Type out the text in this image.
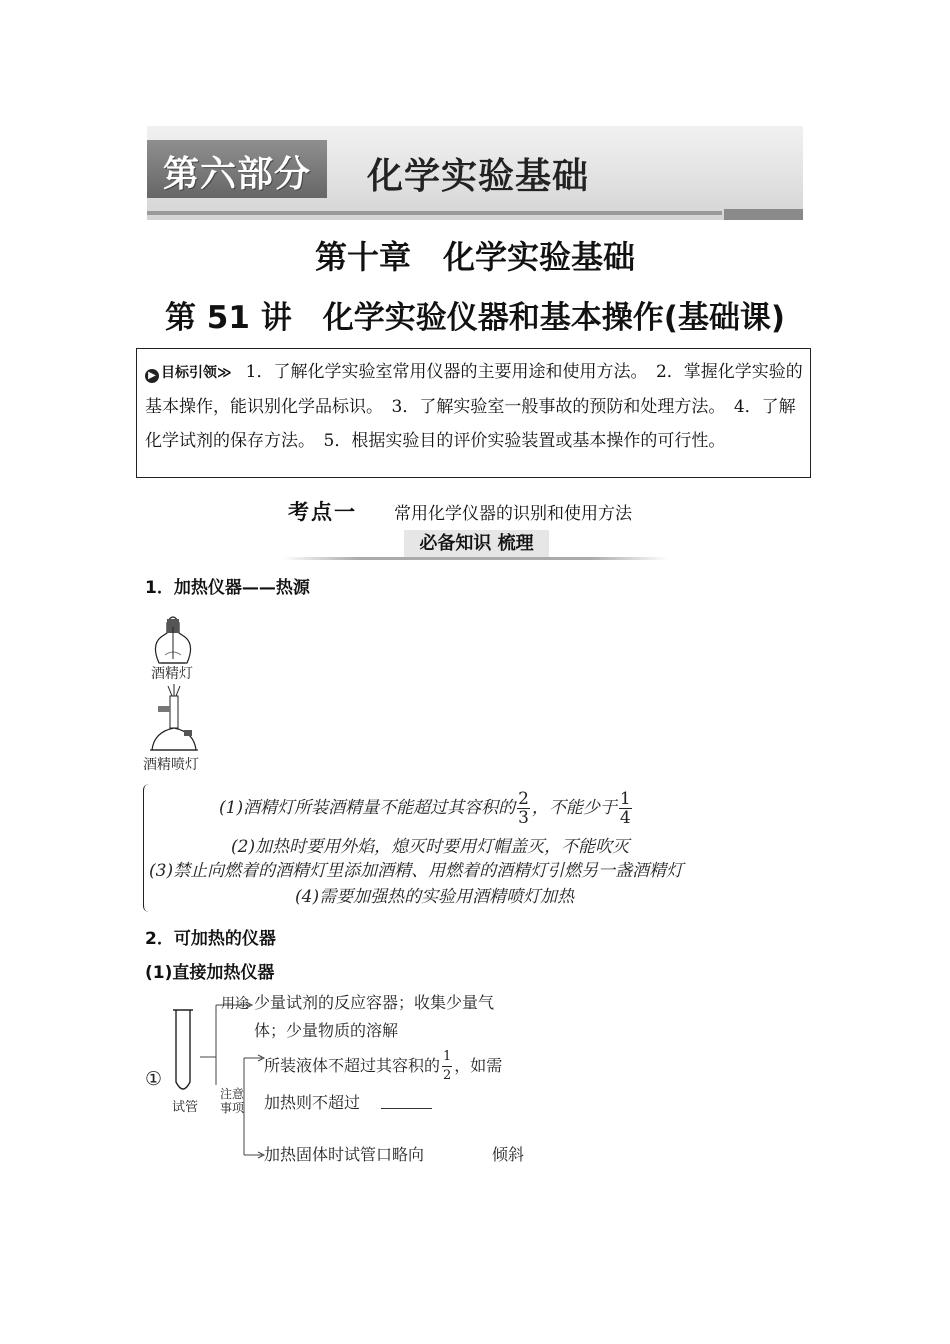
第六部分	化学实验基础
第十章　化学实验基础
第 51 讲　化学实验仪器和基本操作(基础课)
▶ 目标引领≫ 1．了解化学实验室常用仪器的主要用途和使用方法。　2．掌握化学实验的基本操作，能识别化学品标识。　3．了解实验室一般事故的预防和处理方法。　4．了解化学试剂的保存方法。　5．根据实验目的评价实验装置或基本操作的可行性。
考点一 常用化学仪器的识别和使用方法
必备知识 梳理
1．加热仪器——热源
酒精灯
酒精喷灯
(1)酒精灯所装酒精量不能超过其容积的 $\frac{2}{3}$ ，不能少于 $\frac{1}{4}$
(2)加热时要用外焰，熄灭时要用灯帽盖灭，不能吹灭
(3)禁止向燃着的酒精灯里添加酒精、用燃着的酒精灯引燃另一盏酒精灯
(4)需要加强热的实验用酒精喷灯加热
2．可加热的仪器
(1)直接加热仪器
①
试管
用途 少量试剂的反应容器；收集少量气
体；少量物质的溶解
注意
事项
所装液体不超过其容积的 $\frac{1}{2}$ ，如需
加热则不超过
加热固体时试管口略向	倾斜
